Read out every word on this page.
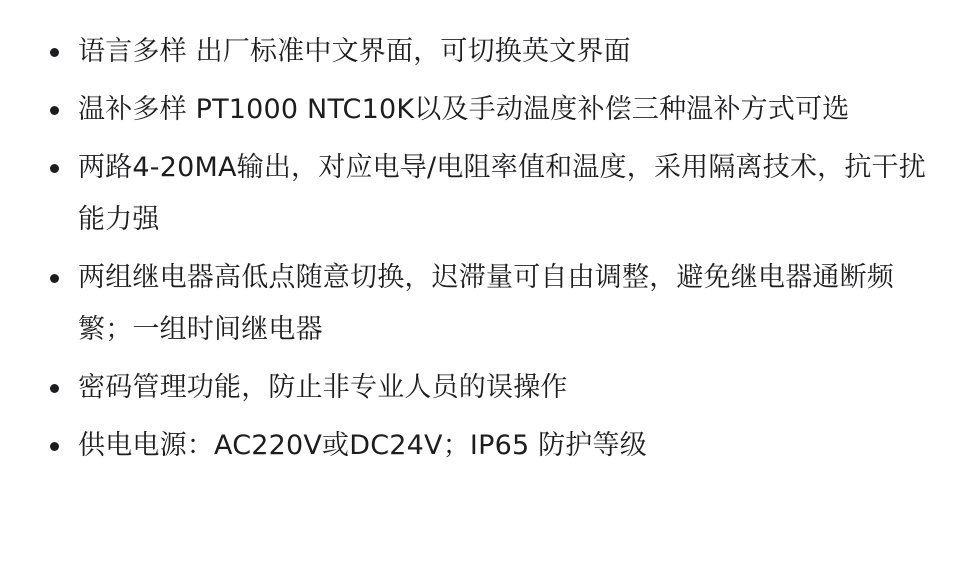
语言多样 出厂标准中文界面，可切换英文界面
温补多样 PT1000 NTC10K以及手动温度补偿三种温补方式可选
两路4-20MA输出，对应电导/电阻率值和温度，采用隔离技术，抗干扰能力强
两组继电器高低点随意切换，迟滞量可自由调整，避免继电器通断频繁；一组时间继电器
密码管理功能，防止非专业人员的误操作
供电电源：AC220V或DC24V；IP65 防护等级
